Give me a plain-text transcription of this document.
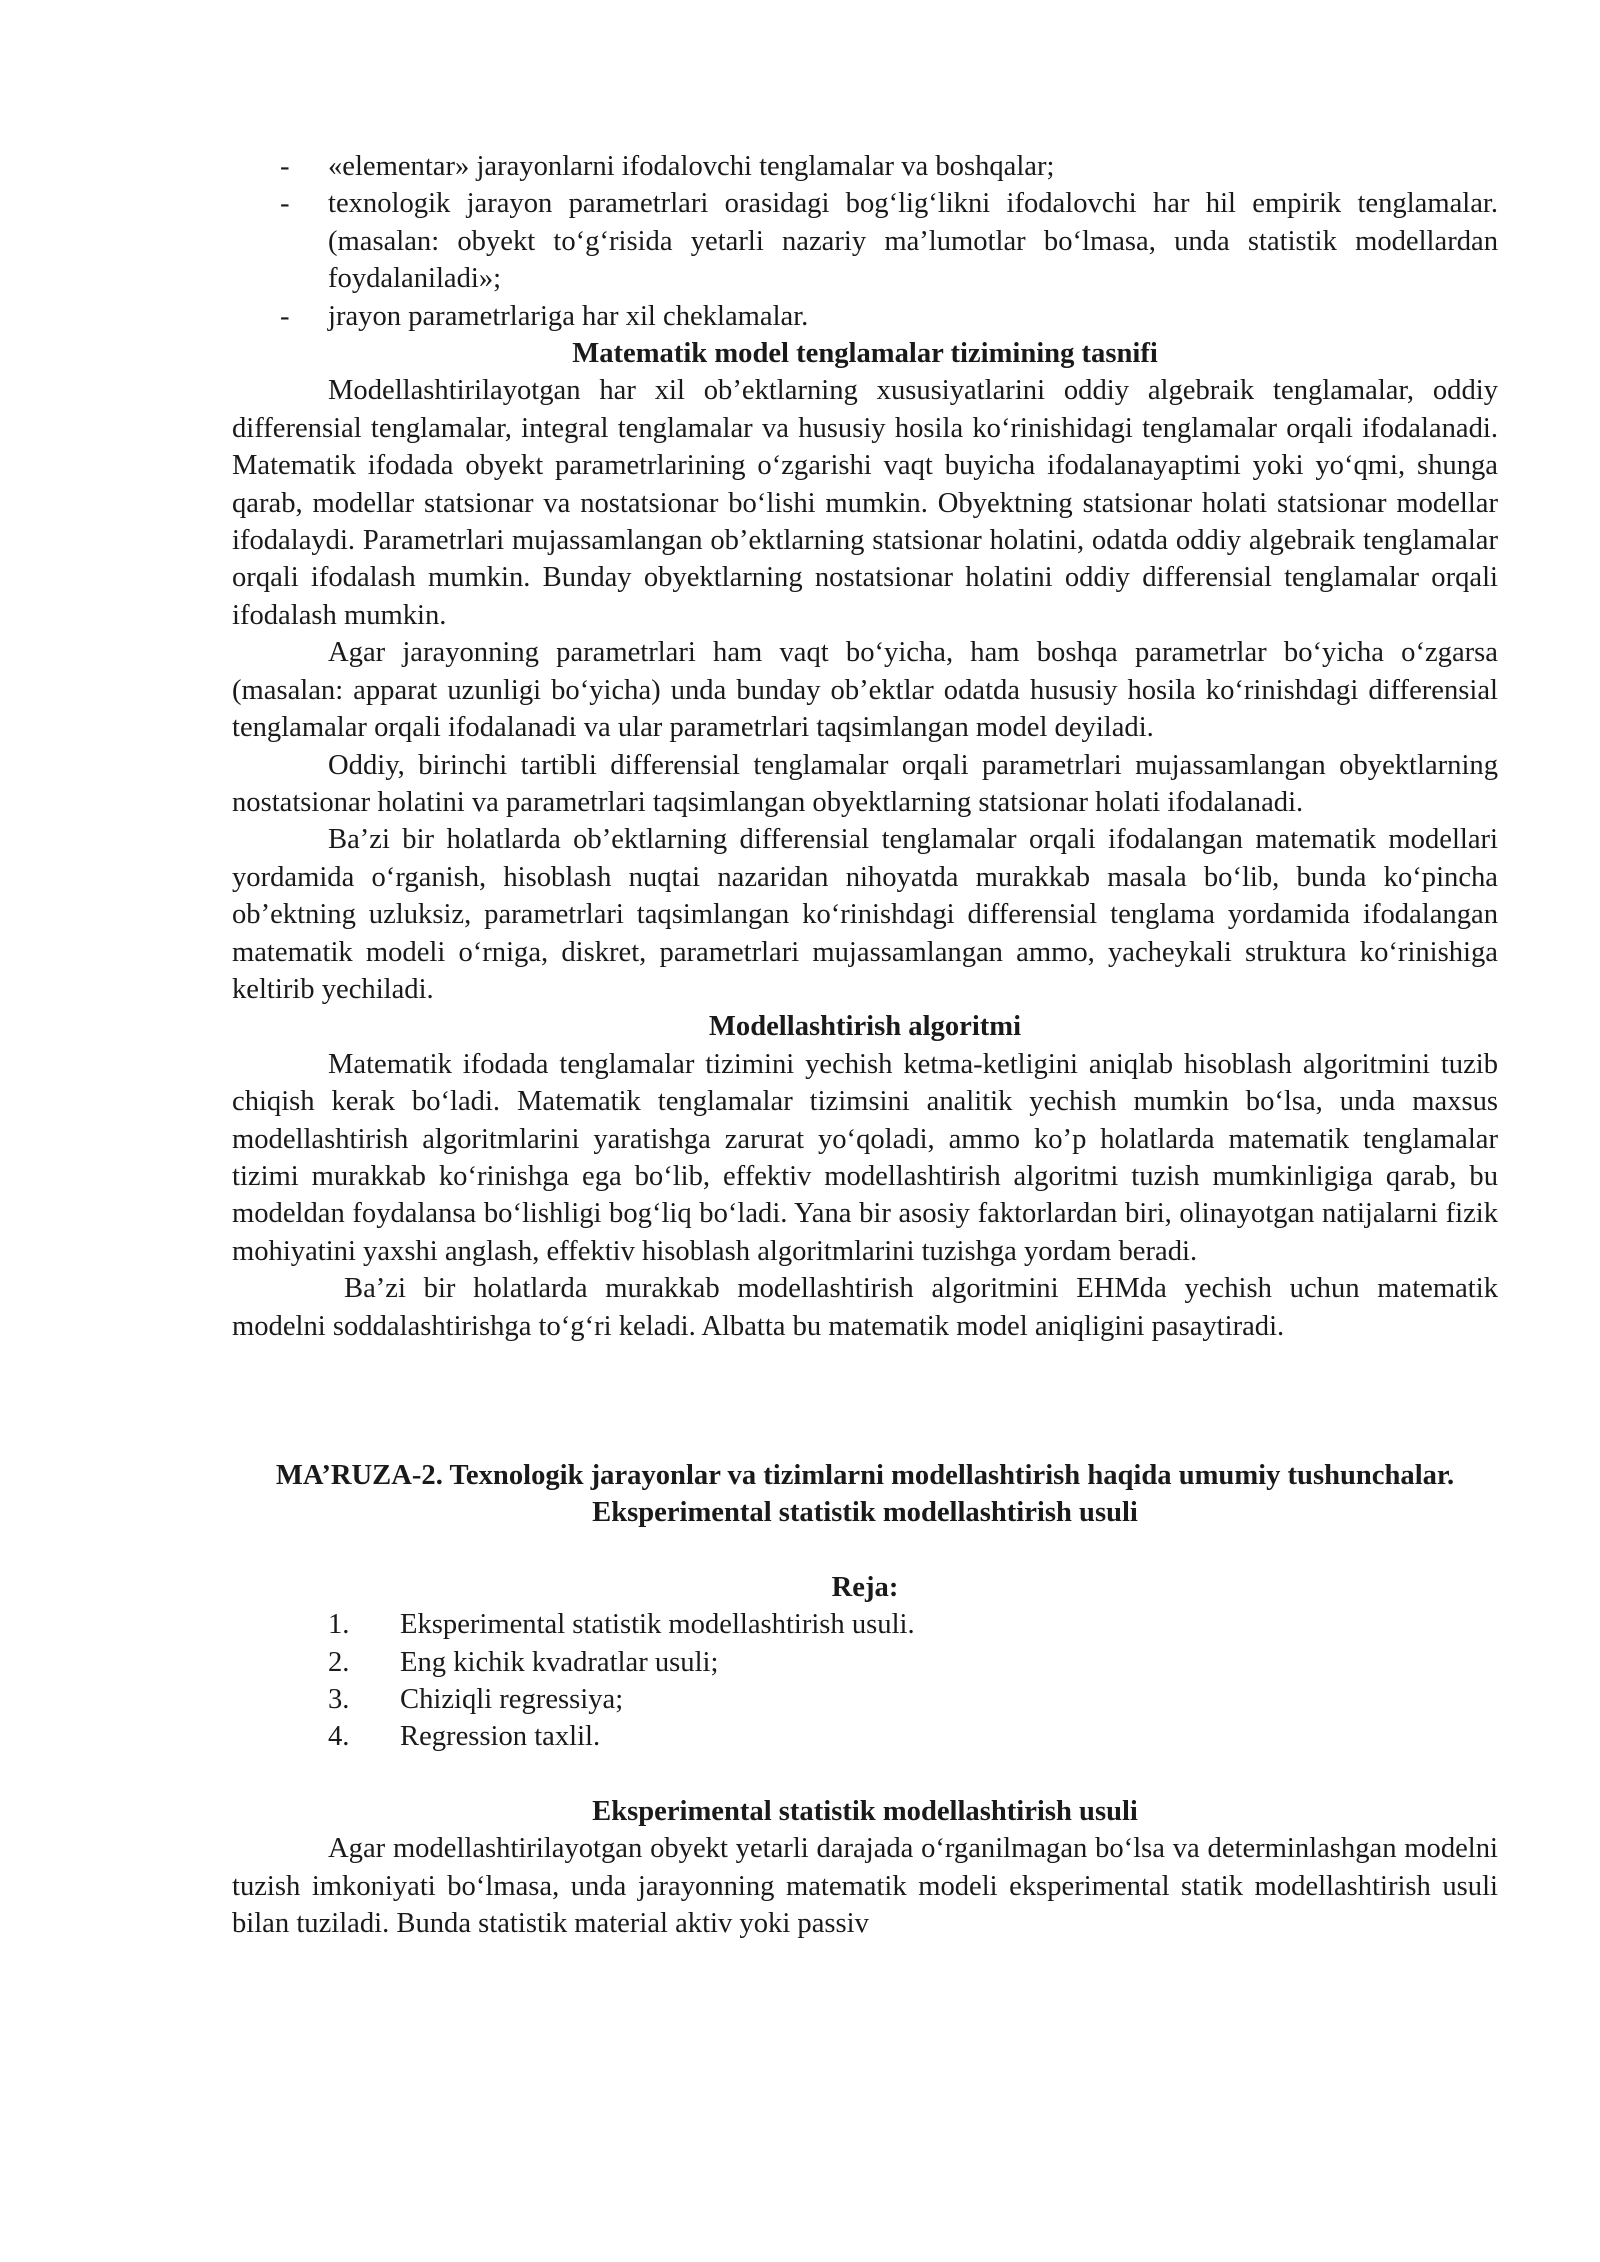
- «elementar» jarayonlarni ifodalovchi tenglamalar va boshqalar;
- texnologik jarayon parametrlari orasidagi bog‘lig‘likni ifodalovchi har hil empirik tenglamalar. (masalan: obyekt to‘g‘risida yetarli nazariy ma’lumotlar bo‘lmasa, unda statistik modellardan foydalaniladi»;
- jrayon parametrlariga har xil cheklamalar.

Matematik model tenglamalar tizimining tasnifi

Modellashtirilayotgan har xil ob’ektlarning xususiyatlarini oddiy algebraik tenglamalar, oddiy differensial tenglamalar, integral tenglamalar va hususiy hosila ko‘rinishidagi tenglamalar orqali ifodalanadi. Matematik ifodada obyekt parametrlarining o‘zgarishi vaqt buyicha ifodalanayaptimi yoki yo‘qmi, shunga qarab, modellar statsionar va nostatsionar bo‘lishi mumkin. Obyektning statsionar holati statsionar modellar ifodalaydi. Parametrlari mujassamlangan ob’ektlarning statsionar holatini, odatda oddiy algebraik tenglamalar orqali ifodalash mumkin. Bunday obyektlarning nostatsionar holatini oddiy differensial tenglamalar orqali ifodalash mumkin.

Agar jarayonning parametrlari ham vaqt bo‘yicha, ham boshqa parametrlar bo‘yicha o‘zgarsa (masalan: apparat uzunligi bo‘yicha) unda bunday ob’ektlar odatda hususiy hosila ko‘rinishdagi differensial tenglamalar orqali ifodalanadi va ular parametrlari taqsimlangan model deyiladi.

Oddiy, birinchi tartibli differensial tenglamalar orqali parametrlari mujassamlangan obyektlarning nostatsionar holatini va parametrlari taqsimlangan obyektlarning statsionar holati ifodalanadi.

Ba’zi bir holatlarda ob’ektlarning differensial tenglamalar orqali ifodalangan matematik modellari yordamida o‘rganish, hisoblash nuqtai nazaridan nihoyatda murakkab masala bo‘lib, bunda ko‘pincha ob’ektning uzluksiz, parametrlari taqsimlangan ko‘rinishdagi differensial tenglama yordamida ifodalangan matematik modeli o‘rniga, diskret, parametrlari mujassamlangan ammo, yacheykali struktura ko‘rinishiga keltirib yechiladi.

Modellashtirish algoritmi

Matematik ifodada tenglamalar tizimini yechish ketma-ketligini aniqlab hisoblash algoritmini tuzib chiqish kerak bo‘ladi. Matematik tenglamalar tizimsini analitik yechish mumkin bo‘lsa, unda maxsus modellashtirish algoritmlarini yaratishga zarurat yo‘qoladi, ammo ko’p holatlarda matematik tenglamalar tizimi murakkab ko‘rinishga ega bo‘lib, effektiv modellashtirish algoritmi tuzish mumkinligiga qarab, bu modeldan foydalansa bo‘lishligi bog‘liq bo‘ladi. Yana bir asosiy faktorlardan biri, olinayotgan natijalarni fizik mohiyatini yaxshi anglash, effektiv hisoblash algoritmlarini tuzishga yordam beradi.

Ba’zi bir holatlarda murakkab modellashtirish algoritmini EHMda yechish uchun matematik modelni soddalashtirishga to‘g‘ri keladi. Albatta bu matematik model aniqligini pasaytiradi.

MA’RUZA-2. Texnologik jarayonlar va tizimlarni modellashtirish haqida umumiy tushunchalar. Eksperimental statistik modellashtirish usuli

Reja:

1. Eksperimental statistik modellashtirish usuli.
2. Eng kichik kvadratlar usuli;
3. Chiziqli regressiya;
4. Regression taxlil.

Eksperimental statistik modellashtirish usuli

Agar modellashtirilayotgan obyekt yetarli darajada o‘rganilmagan bo‘lsa va determinlashgan modelni tuzish imkoniyati bo‘lmasa, unda jarayonning matematik modeli eksperimental statik modellashtirish usuli bilan tuziladi. Bunda statistik material aktiv yoki passiv
